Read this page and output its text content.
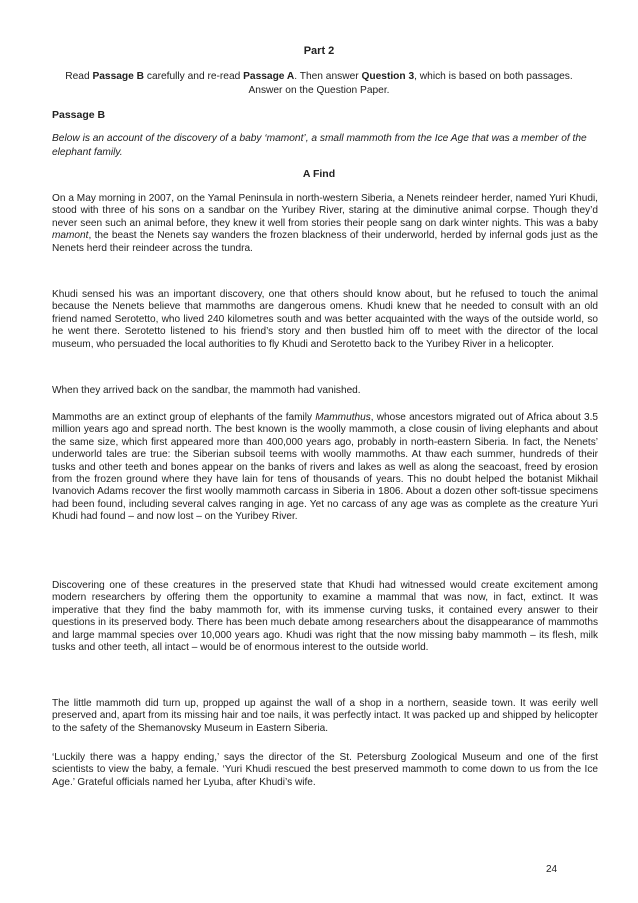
Part 2
Read Passage B carefully and re-read Passage A. Then answer Question 3, which is based on both passages. Answer on the Question Paper.
Passage B
Below is an account of the discovery of a baby ‘mamont’, a small mammoth from the Ice Age that was a member of the elephant family.
A Find

On a May morning in 2007, on the Yamal Peninsula in north-western Siberia, a Nenets reindeer herder, named Yuri Khudi, stood with three of his sons on a sandbar on the Yuribey River, staring at the diminutive animal corpse. Though they’d never seen such an animal before, they knew it well from stories their people sang on dark winter nights. This was a baby mamont, the beast the Nenets say wanders the frozen blackness of their underworld, herded by infernal gods just as the Nenets herd their reindeer across the tundra.

Khudi sensed his was an important discovery, one that others should know about, but he refused to touch the animal because the Nenets believe that mammoths are dangerous omens. Khudi knew that he needed to consult with an old friend named Serotetto, who lived 240 kilometres south and was better acquainted with the ways of the outside world, so he went there. Serotetto listened to his friend’s story and then bustled him off to meet with the director of the local museum, who persuaded the local authorities to fly Khudi and Serotetto back to the Yuribey River in a helicopter.

When they arrived back on the sandbar, the mammoth had vanished.

Mammoths are an extinct group of elephants of the family Mammuthus, whose ancestors migrated out of Africa about 3.5 million years ago and spread north. The best known is the woolly mammoth, a close cousin of living elephants and about the same size, which first appeared more than 400,000 years ago, probably in north-eastern Siberia. In fact, the Nenets’ underworld tales are true: the Siberian subsoil teems with woolly mammoths. At thaw each summer, hundreds of their tusks and other teeth and bones appear on the banks of rivers and lakes as well as along the seacoast, freed by erosion from the frozen ground where they have lain for tens of thousands of years. This no doubt helped the botanist Mikhail Ivanovich Adams recover the first woolly mammoth carcass in Siberia in 1806. About a dozen other soft-tissue specimens had been found, including several calves ranging in age. Yet no carcass of any age was as complete as the creature Yuri Khudi had found – and now lost – on the Yuribey River.

Discovering one of these creatures in the preserved state that Khudi had witnessed would create excitement among modern researchers by offering them the opportunity to examine a mammal that was now, in fact, extinct. It was imperative that they find the baby mammoth for, with its immense curving tusks, it contained every answer to their questions in its preserved body. There has been much debate among researchers about the disappearance of mammoths and large mammal species over 10,000 years ago. Khudi was right that the now missing baby mammoth – its flesh, milk tusks and other teeth, all intact – would be of enormous interest to the outside world.

The little mammoth did turn up, propped up against the wall of a shop in a northern, seaside town. It was eerily well preserved and, apart from its missing hair and toe nails, it was perfectly intact. It was packed up and shipped by helicopter to the safety of the Shemanovsky Museum in Eastern Siberia.

‘Luckily there was a happy ending,’ says the director of the St. Petersburg Zoological Museum and one of the first scientists to view the baby, a female. ‘Yuri Khudi rescued the best preserved mammoth to come down to us from the Ice Age.’ Grateful officials named her Lyuba, after Khudi’s wife.

24
